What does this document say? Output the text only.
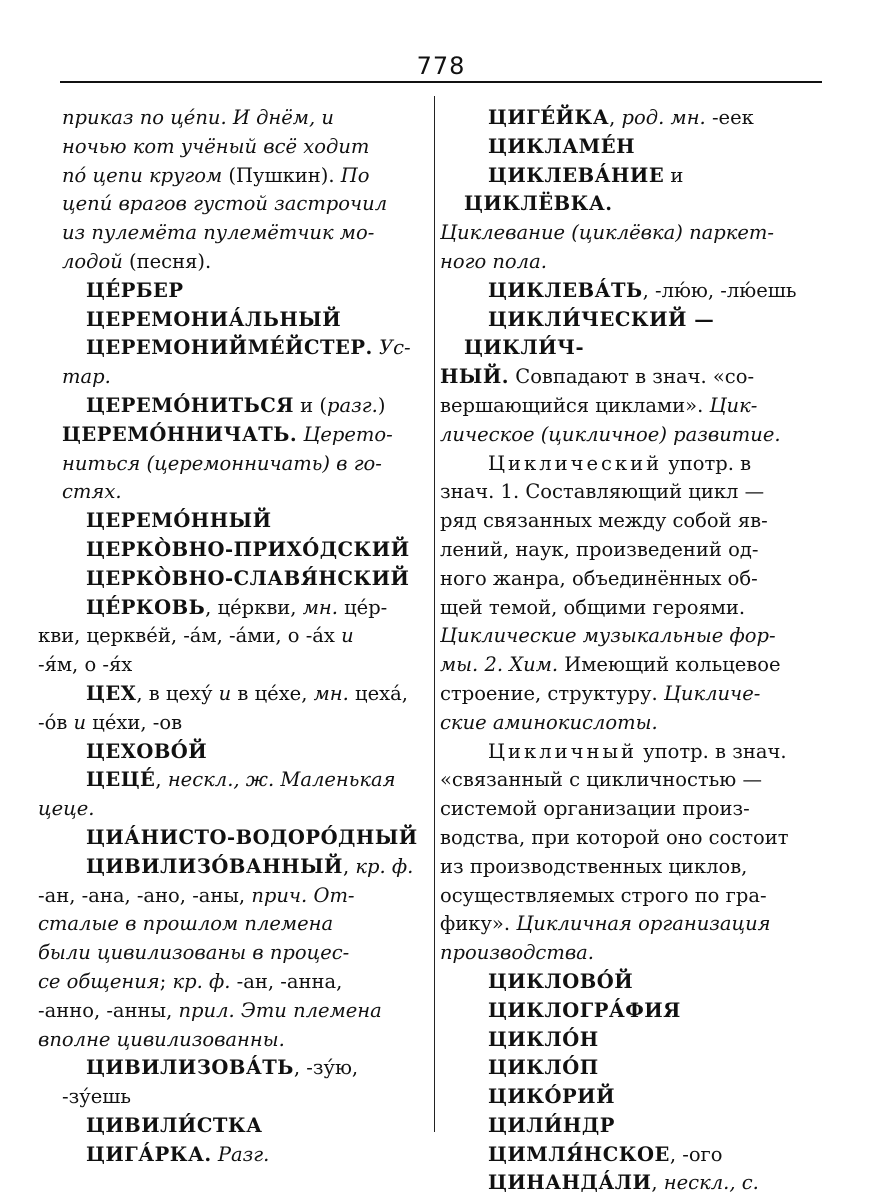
778

приказ по це́пи. И днём, и
ночью кот учёный всё ходит
по́ цепи кругом (Пушкин). По
цепи́ врагов густой застрочил
из пулемёта пулемётчик мо-
лодой (песня).

ЦЕ́РБЕР

ЦЕРЕМОНИА́ЛЬНЫЙ

ЦЕРЕМОНИЙМЕ́ЙСТЕР. Ус-
тар.

ЦЕРЕМО́НИТЬСЯ и (разг.)

ЦЕРЕМО́ННИЧАТЬ. Цереmo-
ниться (церемонничать) в го-
стях.

ЦЕРЕМО́ННЫЙ

ЦЕРКО̀ВНО-ПРИХО́ДСКИЙ

ЦЕРКО̀ВНО-СЛАВЯ́НСКИЙ

ЦЕ́РКОВЬ, це́ркви, мн. це́р-
кви, церкве́й, -а́м, -а́ми, о -а́х и
-я́м, о -я́х

ЦЕХ, в цеху́ и в це́хе, мн. цеха́,
-о́в и це́хи, -ов

ЦЕХОВО́Й

ЦЕЦЕ́, нескл., ж. Маленькая
цеце.

ЦИА́НИСТО-ВОДОРО́ДНЫЙ

ЦИВИЛИЗО́ВАННЫЙ, кр. ф.
-ан, -ана, -ано, -аны, прич. От-
сталые в прошлом племена
были цивилизованы в процес-
се общения; кр. ф. -ан, -анна,
-анно, -анны, прил. Эти племена
вполне цивилизованны.

ЦИВИЛИЗОВА́ТЬ, -зу́ю, -зу́ешь

ЦИВИЛИ́СТКА

ЦИГА́РКА. Разг.

ЦИГЕ́ЙКА, род. мн. -еек

ЦИКЛАМЕ́Н

ЦИКЛЕВА́НИЕ и ЦИКЛЁВКА.
Циклевание (циклёвка) паркет-
ного пола.

ЦИКЛЕВА́ТЬ, -лю́ю, -лю́ешь

ЦИКЛИ́ЧЕСКИЙ — ЦИКЛИ́Ч-
НЫЙ. Совпадают в знач. «со-
вершающийся циклами». Цик-
лическое (цикличное) развитие.

Циклический употр. в
знач. 1. Составляющий цикл —
ряд связанных между собой яв-
лений, наук, произведений од-
ного жанра, объединённых об-
щей темой, общими героями.
Циклические музыкальные фор-
мы. 2. Хим. Имеющий кольцевое
строение, структуру. Цикличе-
ские аминокислоты.

Цикличный употр. в знач.
«связанный с цикличностью —
системой организации произ-
водства, при которой оно состоит
из производственных циклов,
осуществляемых строго по гра-
фику». Цикличная организация
производства.

ЦИКЛОВО́Й

ЦИКЛОГРА́ФИЯ

ЦИКЛО́Н

ЦИКЛО́П

ЦИКО́РИЙ

ЦИЛИ́НДР

ЦИМЛЯ́НСКОЕ, -ого

ЦИНАНДА́ЛИ, нескл., с.
